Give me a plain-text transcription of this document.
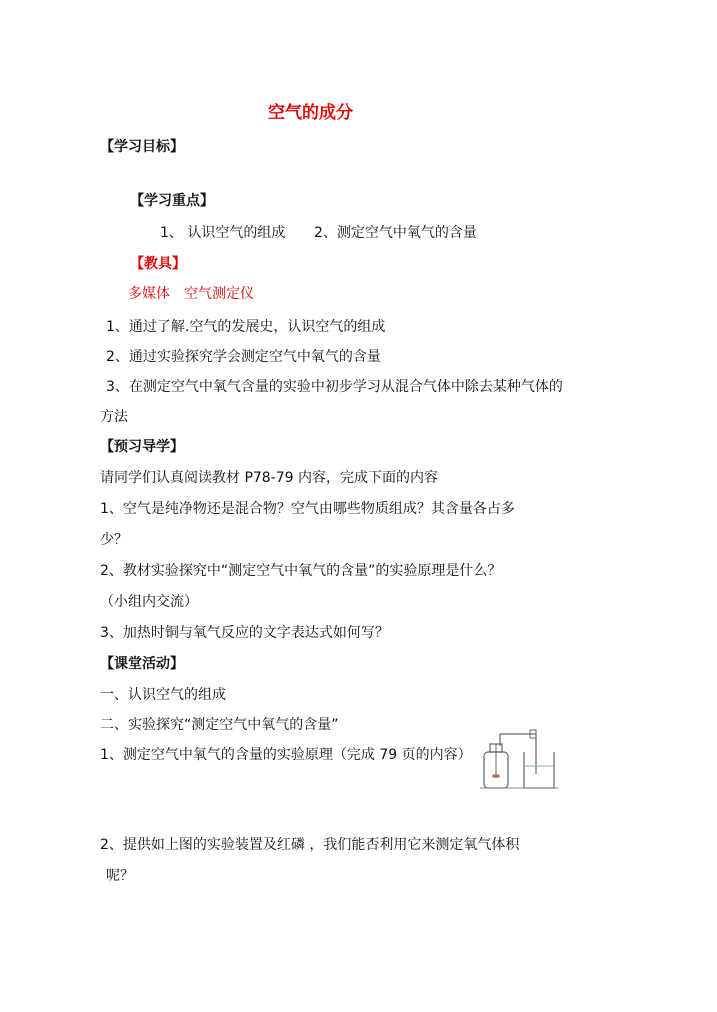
空气的成分
【学习目标】
【学习重点】
1、 认识空气的组成 2、测定空气中氧气的含量
【教具】
多媒体　空气测定仪
1、通过了解.空气的发展史，认识空气的组成
2、通过实验探究学会测定空气中氧气的含量
3、在测定空气中氧气含量的实验中初步学习从混合气体中除去某种气体的
方法
【预习导学】
请同学们认真阅读教材 P78-79 内容，完成下面的内容
1、空气是纯净物还是混合物？空气由哪些物质组成？其含量各占多
少？
2、教材实验探究中“测定空气中氧气的含量”的实验原理是什么？
（小组内交流）
3、加热时铜与氧气反应的文字表达式如何写？
【课堂活动】
一、认识空气的组成
二、实验探究“测定空气中氧气的含量”
1、测定空气中氧气的含量的实验原理（完成 79 页的内容）
2、提供如上图的实验装置及红磷 ，我们能否利用它来测定氧气体积
呢？
